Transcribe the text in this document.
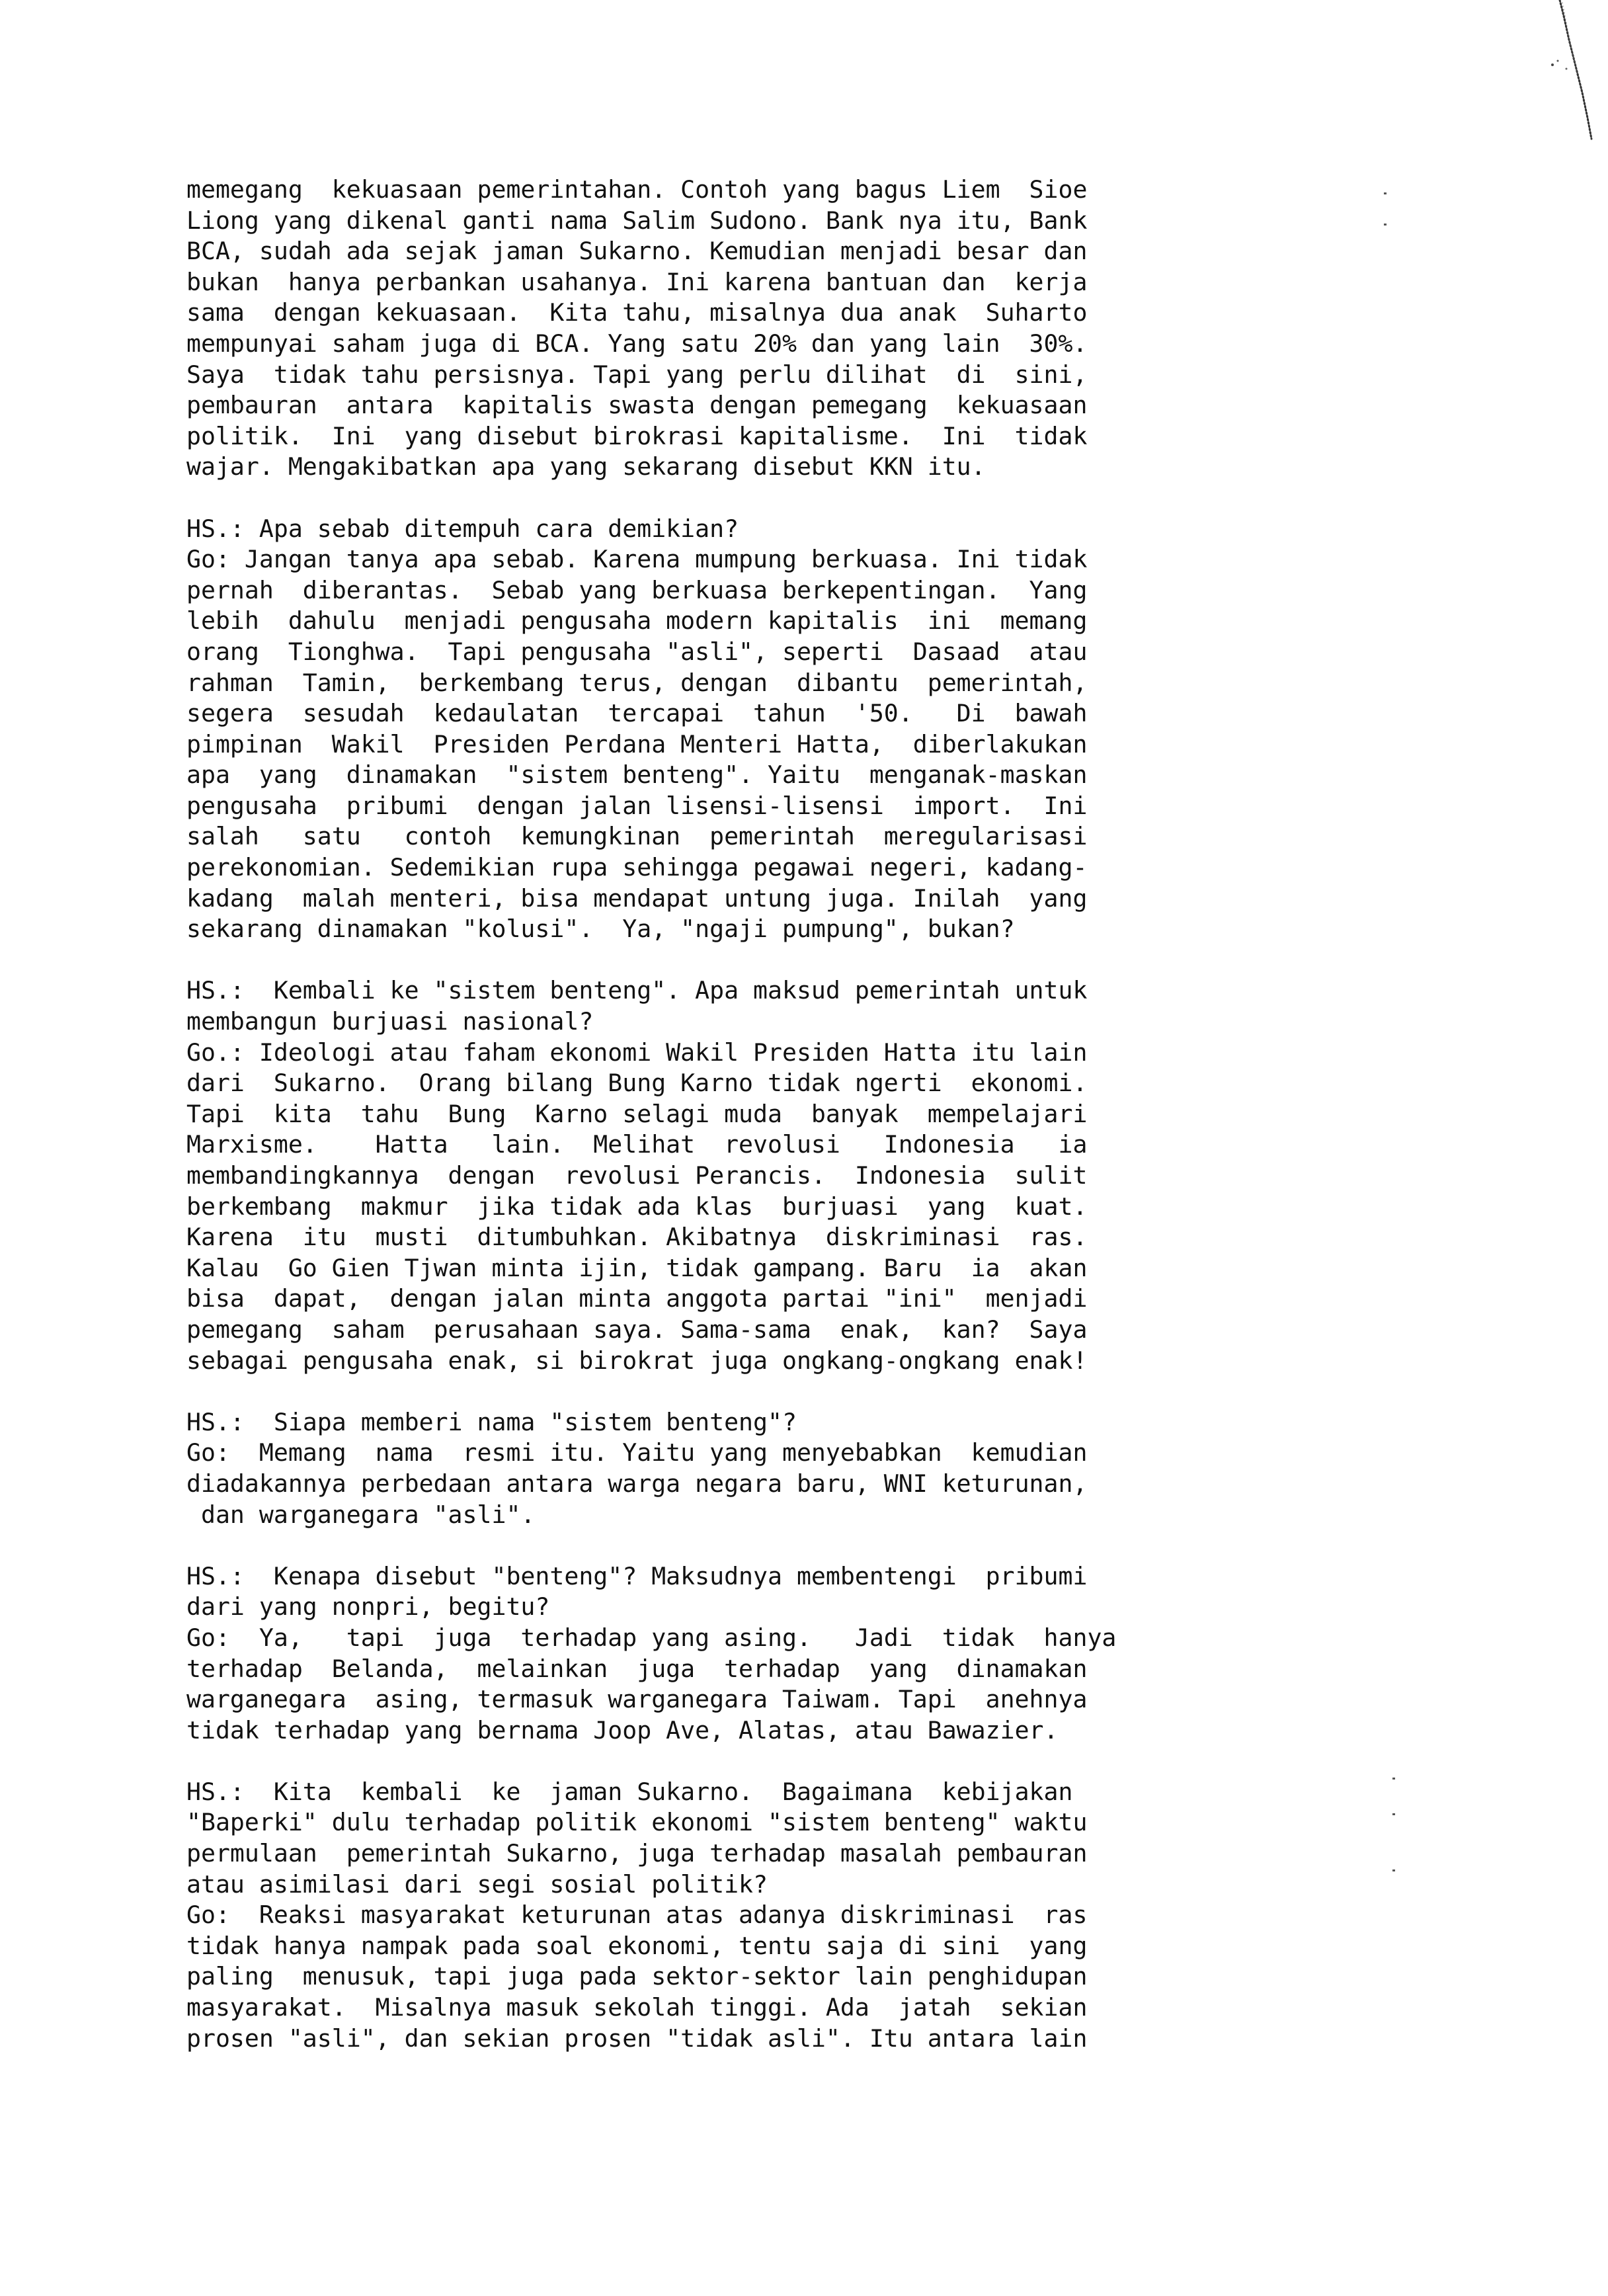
memegang  kekuasaan pemerintahan. Contoh yang bagus Liem  Sioe
Liong yang dikenal ganti nama Salim Sudono. Bank nya itu, Bank
BCA, sudah ada sejak jaman Sukarno. Kemudian menjadi besar dan
bukan  hanya perbankan usahanya. Ini karena bantuan dan  kerja
sama  dengan kekuasaan.  Kita tahu, misalnya dua anak  Suharto
mempunyai saham juga di BCA. Yang satu 20% dan yang lain  30%.
Saya  tidak tahu persisnya. Tapi yang perlu dilihat  di  sini,
pembauran  antara  kapitalis swasta dengan pemegang  kekuasaan
politik.  Ini  yang disebut birokrasi kapitalisme.  Ini  tidak
wajar. Mengakibatkan apa yang sekarang disebut KKN itu.
HS.: Apa sebab ditempuh cara demikian?
Go: Jangan tanya apa sebab. Karena mumpung berkuasa. Ini tidak
pernah  diberantas.  Sebab yang berkuasa berkepentingan.  Yang
lebih  dahulu  menjadi pengusaha modern kapitalis  ini  memang
orang  Tionghwa.  Tapi pengusaha "asli", seperti  Dasaad  atau
rahman  Tamin,  berkembang terus, dengan  dibantu  pemerintah,
segera  sesudah  kedaulatan  tercapai  tahun  '50.   Di  bawah
pimpinan  Wakil  Presiden Perdana Menteri Hatta,  diberlakukan
apa  yang  dinamakan  "sistem benteng". Yaitu  menganak-maskan
pengusaha  pribumi  dengan jalan lisensi-lisensi  import.  Ini
salah   satu   contoh  kemungkinan  pemerintah  meregularisasi
perekonomian. Sedemikian rupa sehingga pegawai negeri, kadang-
kadang  malah menteri, bisa mendapat untung juga. Inilah  yang
sekarang dinamakan "kolusi".  Ya, "ngaji pumpung", bukan?
HS.:  Kembali ke "sistem benteng". Apa maksud pemerintah untuk
membangun burjuasi nasional?
Go.: Ideologi atau faham ekonomi Wakil Presiden Hatta itu lain
dari  Sukarno.  Orang bilang Bung Karno tidak ngerti  ekonomi.
Tapi  kita  tahu  Bung  Karno selagi muda  banyak  mempelajari
Marxisme.    Hatta   lain.  Melihat  revolusi   Indonesia   ia
membandingkannya  dengan  revolusi Perancis.  Indonesia  sulit
berkembang  makmur  jika tidak ada klas  burjuasi  yang  kuat.
Karena  itu  musti  ditumbuhkan. Akibatnya  diskriminasi  ras.
Kalau  Go Gien Tjwan minta ijin, tidak gampang. Baru  ia  akan
bisa  dapat,  dengan jalan minta anggota partai "ini"  menjadi
pemegang  saham  perusahaan saya. Sama-sama  enak,  kan?  Saya
sebagai pengusaha enak, si birokrat juga ongkang-ongkang enak!
HS.:  Siapa memberi nama "sistem benteng"?
Go:  Memang  nama  resmi itu. Yaitu yang menyebabkan  kemudian
diadakannya perbedaan antara warga negara baru, WNI keturunan,
dan warganegara "asli".
HS.:  Kenapa disebut "benteng"? Maksudnya membentengi  pribumi
dari yang nonpri, begitu?
Go:  Ya,   tapi  juga  terhadap yang asing.   Jadi  tidak  hanya
terhadap  Belanda,  melainkan  juga  terhadap  yang  dinamakan
warganegara  asing, termasuk warganegara Taiwam. Tapi  anehnya
tidak terhadap yang bernama Joop Ave, Alatas, atau Bawazier.
HS.:  Kita  kembali  ke  jaman Sukarno.  Bagaimana  kebijakan
"Baperki" dulu terhadap politik ekonomi "sistem benteng" waktu
permulaan  pemerintah Sukarno, juga terhadap masalah pembauran
atau asimilasi dari segi sosial politik?
Go:  Reaksi masyarakat keturunan atas adanya diskriminasi  ras
tidak hanya nampak pada soal ekonomi, tentu saja di sini  yang
paling  menusuk, tapi juga pada sektor-sektor lain penghidupan
masyarakat.  Misalnya masuk sekolah tinggi. Ada  jatah  sekian
prosen "asli", dan sekian prosen "tidak asli". Itu antara lain
